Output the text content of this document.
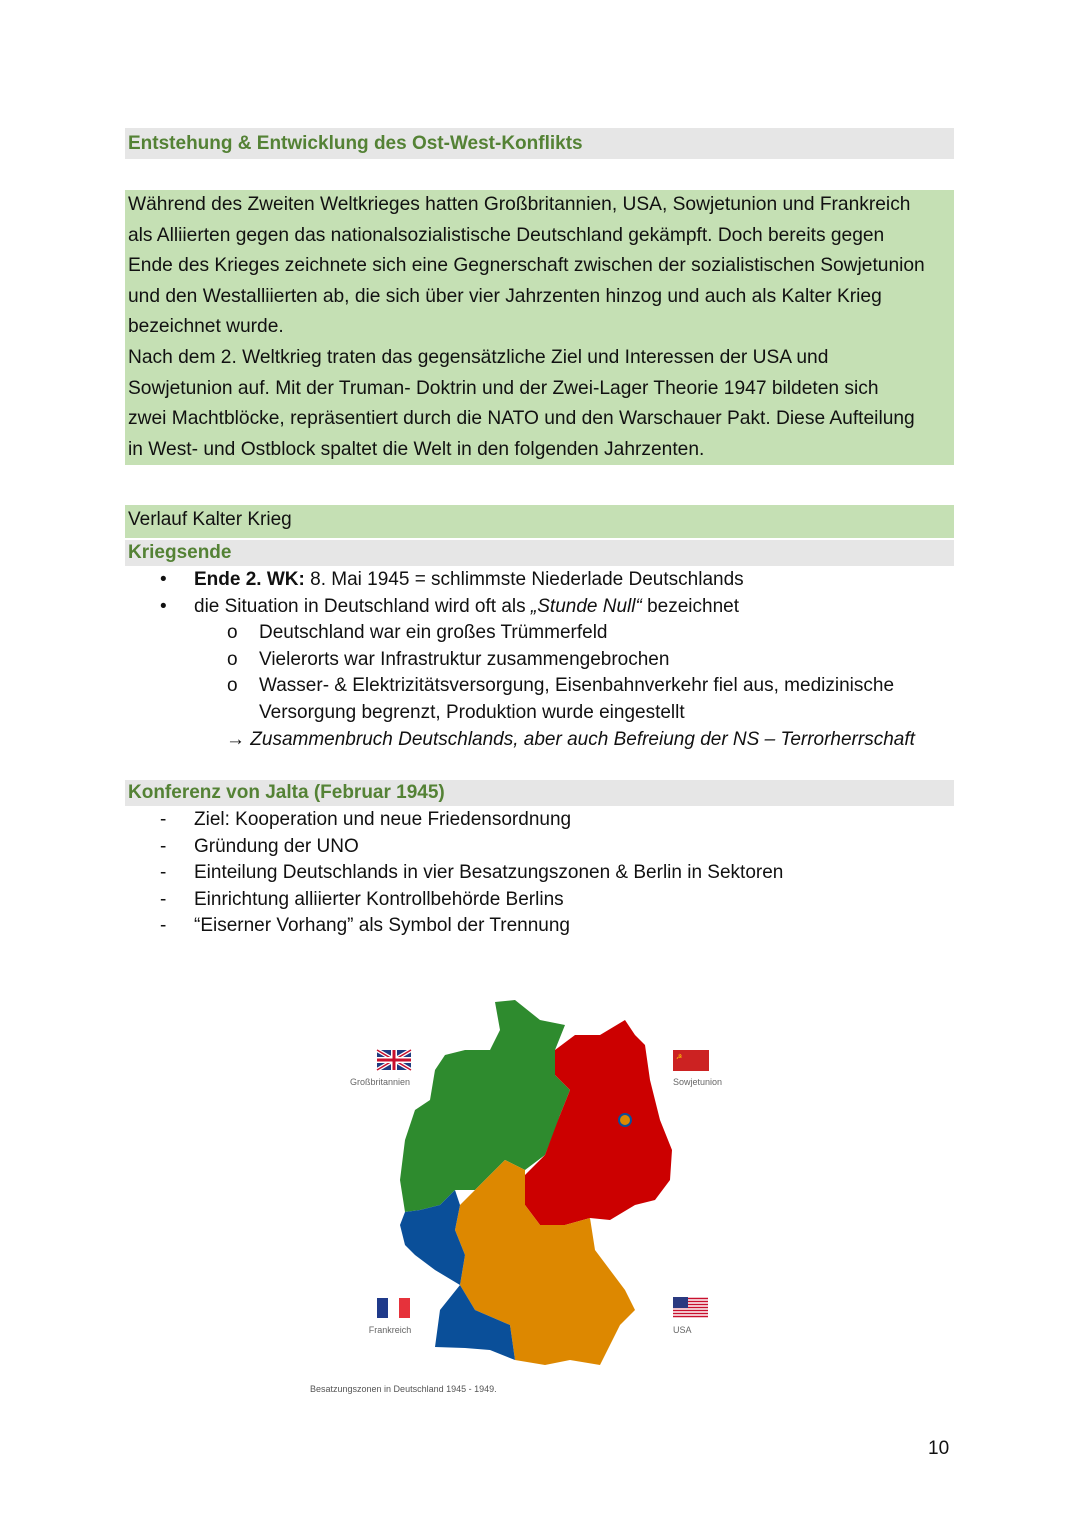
Entstehung & Entwicklung des Ost-West-Konflikts
Während des Zweiten Weltkrieges hatten Großbritannien, USA, Sowjetunion und Frankreich
als Alliierten gegen das nationalsozialistische Deutschland gekämpft. Doch bereits gegen
Ende des Krieges zeichnete sich eine Gegnerschaft zwischen der sozialistischen Sowjetunion
und den Westalliierten ab, die sich über vier Jahrzenten hinzog und auch als Kalter Krieg
bezeichnet wurde.
Nach dem 2. Weltkrieg traten das gegensätzliche Ziel und Interessen der USA und
Sowjetunion auf. Mit der Truman- Doktrin und der Zwei-Lager Theorie 1947 bildeten sich
zwei Machtblöcke, repräsentiert durch die NATO und den Warschauer Pakt. Diese Aufteilung
in West- und Ostblock spaltet die Welt in den folgenden Jahrzenten.
Verlauf Kalter Krieg
Kriegsende
• Ende 2. WK: 8. Mai 1945 = schlimmste Niederlade Deutschlands
• die Situation in Deutschland wird oft als „Stunde Null“ bezeichnet
o Deutschland war ein großes Trümmerfeld
o Vielerorts war Infrastruktur zusammengebrochen
o Wasser- & Elektrizitätsversorgung, Eisenbahnverkehr fiel aus, medizinische
Versorgung begrenzt, Produktion wurde eingestellt
→ Zusammenbruch Deutschlands, aber auch Befreiung der NS – Terrorherrschaft
Konferenz von Jalta (Februar 1945)
- Ziel: Kooperation und neue Friedensordnung
- Gründung der UNO
- Einteilung Deutschlands in vier Besatzungszonen & Berlin in Sektoren
- Einrichtung alliierter Kontrollbehörde Berlins
- “Eiserner Vorhang” als Symbol der Trennung
Großbritannien
☭
Sowjetunion
Frankreich	USA
Besatzungszonen in Deutschland 1945 - 1949.
10
